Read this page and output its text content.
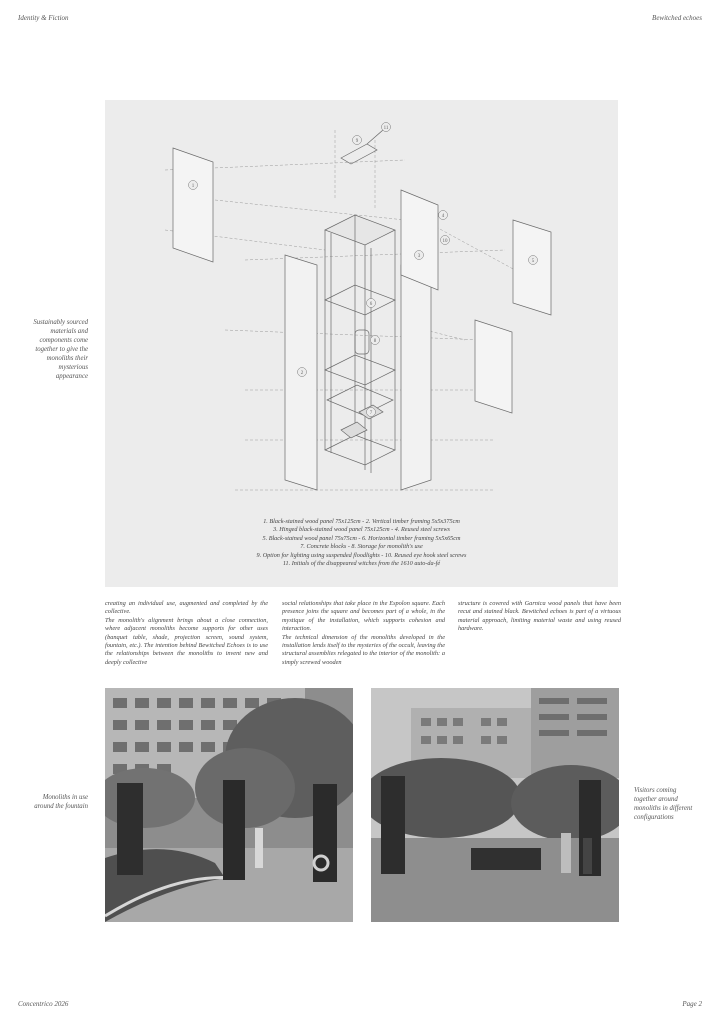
Identity & Fiction	Bewitched echoes
Sustainably sourced materials and components come together to give the monoliths their mysterious appearance
1
2
3
4
5
6
7
8
9
10
11
1. Black-stained wood panel 75x125cm - 2. Vertical timber framing 5x5x375cm
3. Hinged black-stained wood panel 75x125cm - 4. Reused steel screws
5. Black-stained wood panel 75x75cm - 6. Horizontal timber framing 5x5x65cm
7. Concrete blocks - 8. Storage for monolith's use
9. Option for lighting using suspended floodlights - 10. Reused eye hook steel screws
11. Initials of the disappeared witches from the 1610 auto-da-fé
creating an individual use, augmented and completed by the collective.
The monolith's alignment brings about a close connection, where adjacent monoliths become supports for other uses (banquet table, shade, projection screen, sound system, fountain, etc.). The intention behind Bewitched Echoes is to use the relationships between the monoliths to invent new and deeply collective
social relationships that take place in the Espolon square. Each presence joins the square and becomes part of a whole, in the mystique of the installation, which supports cohesion and interaction.
The technical dimension of the monoliths developed in the installation lends itself to the mysteries of the occult, leaving the structural assemblies relegated to the interior of the monolith: a simply screwed wooden
structure is covered with Garnica wood panels that have been recut and stained black. Bewitched echoes is part of a virtuous material approach, limiting material waste and using reused hardware.
Monoliths in use around the fountain
Visitors coming together around monoliths in different configurations
Concentrico 2026	Page 2
